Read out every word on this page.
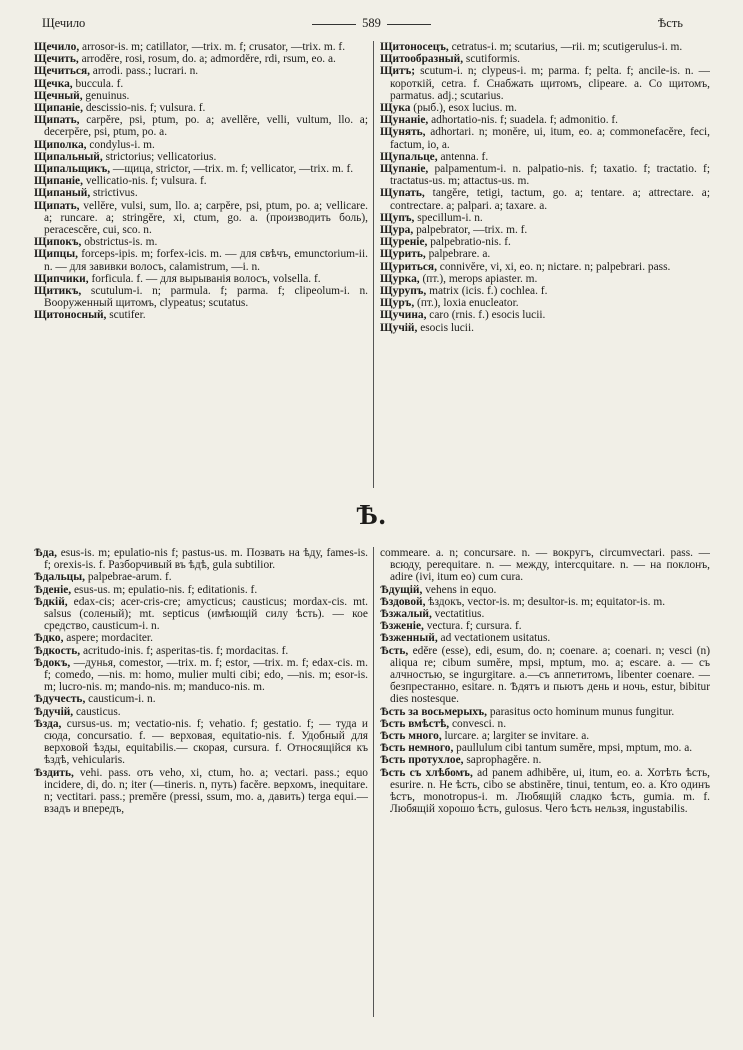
Щечило	589	Ѣсть

Щечило, arrosor-is. m; catillator, —trix. m. f; crusator, —trix. m. f.

Щечить, arrodĕre, rosi, rosum, do. a; admordĕre, rdi, rsum, eo. a.

Щечиться, arrodi. pass.; lucrari. n.

Щечка, buccula. f.

Щечный, genuinus.

Щипаніе, desсissio-nis. f; vulsura. f.

Щипать, carpĕre, psi, ptum, po. a; avellĕre, velli, vultum, llo. a; decerpĕre, psi, ptum, po. a.

Щиполка, condylus-i. m.

Щипальный, strictorius; vellicatorius.

Щипальщикъ, —щица, strictor, —trix. m. f; vellicator, —trix. m. f.

Щипаніе, vellicatio-nis. f; vulsura. f.

Щипаный, strictivus.

Щипать, vellĕre, vulsi, sum, llo. a; carpĕre, psi, ptum, po. a; vellicare. a; runcare. a; stringĕre, xi, ctum, go. a. (производить боль), peracescĕre, cui, sco. n.

Щипокъ, obstrictus-is. m.

Щипцы, forceps-ipis. m; forfex-icis. m. — для свѣчъ, emunctorium-ii. n. — для завивки волосъ, calamistrum, —i. n.

Щипчики, forficula. f. — для вырыванія волосъ, volsella. f.

Щитикъ, scutulum-i. n; parmula. f; parma. f; clipeolum-i. n. Вооруженный щитомъ, clypeatus; scutatus.

Щитоносный, scutifer.

Щитоносецъ, cetratus-i. m; scutarius, —rii. m; scutigerulus-i. m.

Щитообразный, scutiformis.

Щитъ; scutum-i. n; clypeus-i. m; parma. f; pelta. f; ancile-is. n. — короткій, cetra. f. Снабжать щитомъ, clipeare. a. Со щитомъ, parmatus. adj.; scutarius.

Щука (рыб.), esox lucius. m.

Щунаніе, adhortatio-nis. f; suadela. f; admonitio. f.

Щунять, adhortari. n; monĕre, ui, itum, eo. a; commonefacĕre, feci, factum, io, a.

Щупальце, antenna. f.

Щупаніе, palpamentum-i. n. palpatio-nis. f; taxatio. f; tractatio. f; tractatus-us. m; attactus-us. m.

Щупать, tangĕre, tetigi, tactum, go. a; tentare. a; attrectare. a; contrectare. a; palpari. a; taxare. a.

Щупъ, specillum-i. n.

Щура, palpebrator, —trix. m. f.

Щуреніе, palpebratio-nis. f.

Щурить, palpebrare. a.

Щуриться, connivĕre, vi, xi, eo. n; nictare. n; palpebrari. pass.

Щурка, (пт.), merops apiaster. m.

Щурупъ, matrix (icis. f.) cochlea. f.

Щуръ, (пт.), loxia enucleator.

Щучина, caro (rnis. f.) esocis lucii.

Щучій, esocis lucii.

Ѣ.

Ѣда, esus-is. m; epulatio-nis f; pastus-us. m. Позвать на ѣду, fames-is. f; orexis-is. f. Разборчивый въ ѣдѣ, gula subtilior.

Ѣдальцы, palpebrae-arum. f.

Ѣденіе, esus-us. m; epulatio-nis. f; editationis. f.

Ѣдкій, edax-cis; acer-cris-cre; amycticus; causticus; mordax-cis. mt. salsus (соленый); mt. septicus (имѣющій силу ѣсть). — кое средство, causticum-i. n.

Ѣдко, aspere; mordaciter.

Ѣдкость, acritudo-inis. f; asperitas-tis. f; mordacitas. f.

Ѣдокъ, —дунья, comestor, —trix. m. f; estor, —trix. m. f; edax-cis. m. f; comedo, —nis. m: homo, mulier multi cibi; edo, —nis. m; esor-is. m; lucro-nis. m; mando-nis. m; manduco-nis. m.

Ѣдучесть, causticum-i. n.

Ѣдучій, causticus.

Ѣзда, cursus-us. m; vectatio-nis. f; vehatio. f; gestatio. f; — туда и сюда, concursatio. f. — верховая, equitatio-nis. f. Удобный для верховой ѣзды, equitabilis.— скорая, cursura. f. Относящійся къ ѣздѣ, vehicularis.

Ѣздить, vehi. pass. отъ veho, xi, ctum, ho. a; vectari. pass.; equo incidere, di, do. n; iter (—tineris. n, путь) facĕre. верхомъ, inequitare. n; vectitari. pass.; premĕre (pressi, ssum, mo. a, давить) terga equi.—взадъ и впередъ,

commeare. a. n; concursare. n. — вокругъ, circumvectari. pass. — всюду, perequitare. n. — между, intercquitare. n. — на поклонъ, adire (ivi, itum eo) cum cura.

Ѣдущій, vehens in equo.

Ѣздовой, ѣздокъ, vector-is. m; desultor-is. m; equitator-is. m.

Ѣзжалый, vectatitius.

Ѣзженіе, vectura. f; cursura. f.

Ѣзженный, ad vectationem usitatus.

Ѣсть, edĕre (esse), edi, esum, do. n; coenare. a; coenari. n; vesci (n) aliqua re; cibum sumĕre, mpsi, mptum, mo. a; escare. a. — съ алчностью, se ingurgitare. a.—съ аппетитомъ, libenter coenare. — безпрестанно, esitare. n. Ѣдятъ и пьютъ день и ночь, estur, bibitur dies nostesque.

Ѣсть за восьмерыхъ, parasitus octo hominum munus fungitur.

Ѣсть вмѣстѣ, convesci. n.

Ѣсть много, lurcare. a; largiter se invitare. a.

Ѣсть немного, paullulum cibi tantum sumĕre, mpsi, mptum, mo. a.

Ѣсть протухлое, saprophagĕre. n.

Ѣсть съ хлѣбомъ, ad panem adhibĕre, ui, itum, eo. a. Хотѣть ѣсть, esurire. n. Не ѣсть, cibo se abstinĕre, tinui, tentum, eo. a. Кто одинъ ѣстъ, monotropus-i. m. Любящій сладко ѣсть, gumia. m. f. Любящій хорошо ѣсть, gulosus. Чего ѣсть нельзя, ingustabilis.
